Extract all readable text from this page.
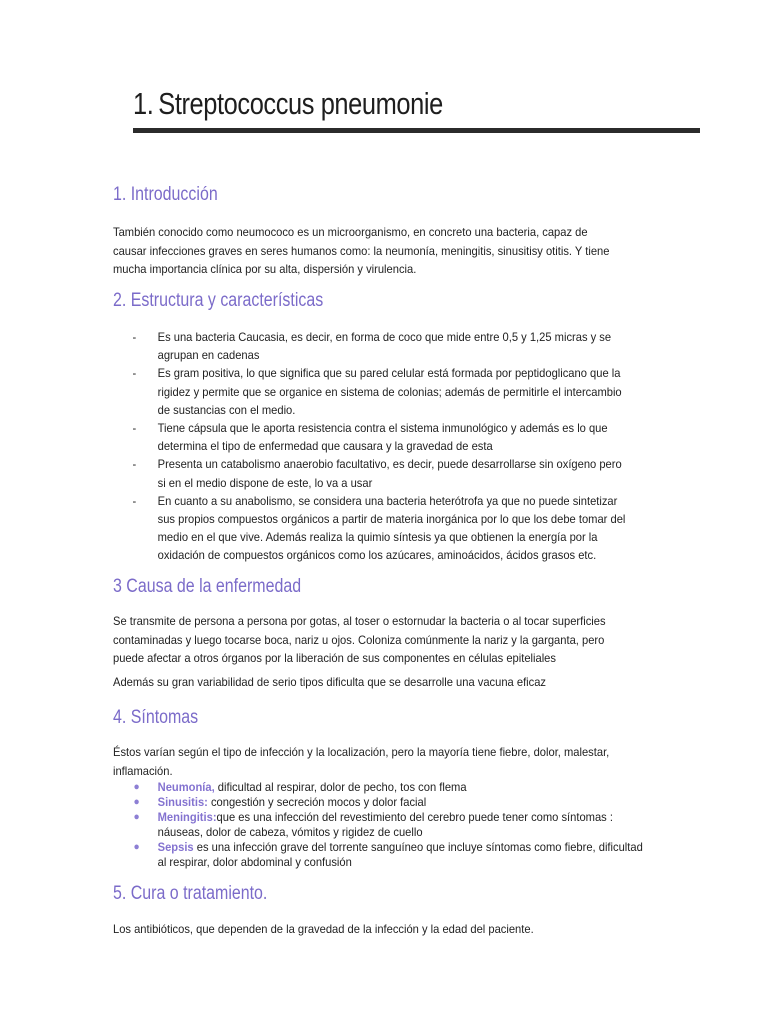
1. Streptococcus pneumonie
1. Introducción
También conocido como neumococo es un microorganismo, en concreto una bacteria, capaz de causar infecciones graves en seres humanos como: la neumonía, meningitis, sinusitisy otitis. Y tiene mucha importancia clínica por su alta, dispersión y virulencia.
2. Estructura y características
- Es una bacteria Caucasia, es decir, en forma de coco que mide entre 0,5 y 1,25 micras y se agrupan en cadenas
- Es gram positiva, lo que significa que su pared celular está formada por peptidoglicano que la rigidez y permite que se organice en sistema de colonias; además de permitirle el intercambio de sustancias con el medio.
- Tiene cápsula que le aporta resistencia contra el sistema inmunológico y además es lo que determina el tipo de enfermedad que causara y la gravedad de esta
- Presenta un catabolismo anaerobio facultativo, es decir, puede desarrollarse sin oxígeno pero si en el medio dispone de este, lo va a usar
- En cuanto a su anabolismo, se considera una bacteria heterótrofa ya que no puede sintetizar sus propios compuestos orgánicos a partir de materia inorgánica por lo que los debe tomar del medio en el que vive. Además realiza la quimio síntesis ya que obtienen la energía por la oxidación de compuestos orgánicos como los azúcares, aminoácidos, ácidos grasos etc.
3 Causa de la enfermedad
Se transmite de persona a persona por gotas, al toser o estornudar la bacteria o al tocar superficies contaminadas y luego tocarse boca, nariz u ojos. Coloniza comúnmente la nariz y la garganta, pero puede afectar a otros órganos por la liberación de sus componentes en células epiteliales
Además su gran variabilidad de serio tipos dificulta que se desarrolle una vacuna eficaz
4. Síntomas
Éstos varían según el tipo de infección y la localización, pero la mayoría tiene fiebre, dolor, malestar, inflamación.
● Neumonía, dificultad al respirar, dolor de pecho, tos con flema
● Sinusitis: congestión y secreción mocos y dolor facial
● Meningitis:que es una infección del revestimiento del cerebro puede tener como síntomas : náuseas, dolor de cabeza, vómitos y rigidez de cuello
● Sepsis es una infección grave del torrente sanguíneo que incluye síntomas como fiebre, dificultad al respirar, dolor abdominal y confusión
5. Cura o tratamiento.
Los antibióticos, que dependen de la gravedad de la infección y la edad del paciente.
